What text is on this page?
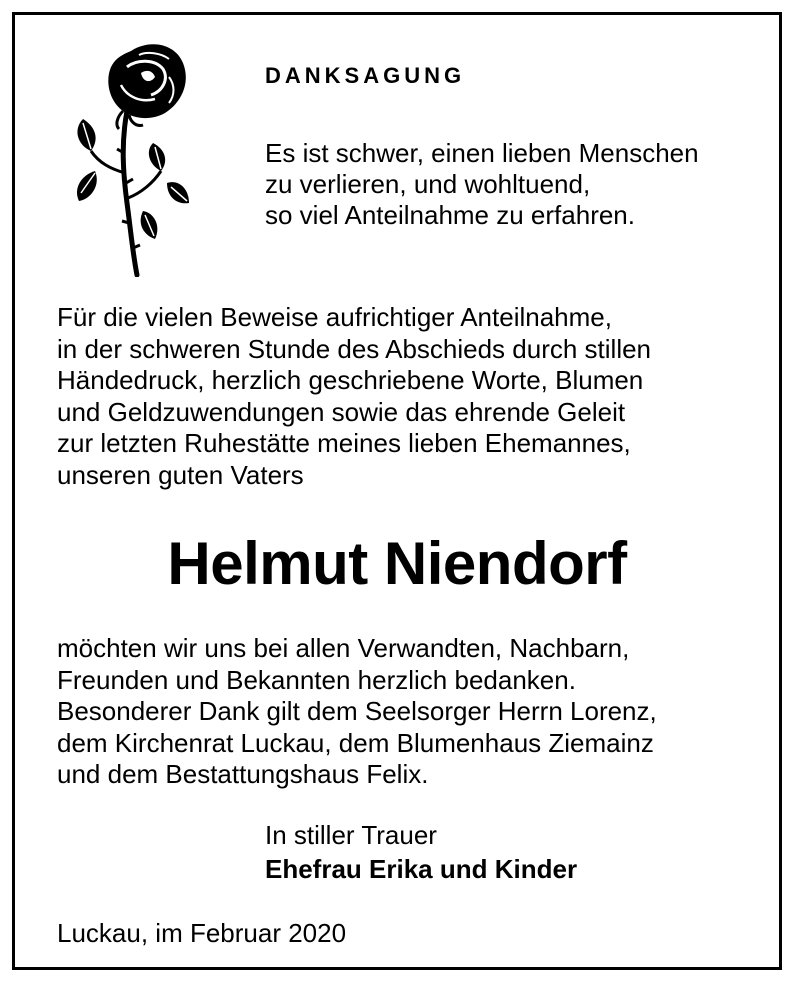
DANKSAGUNG
Es ist schwer, einen lieben Menschen
zu verlieren, und wohltuend,
so viel Anteilnahme zu erfahren.
Für die vielen Beweise aufrichtiger Anteilnahme,
in der schweren Stunde des Abschieds durch stillen
Händedruck, herzlich geschriebene Worte, Blumen
und Geldzuwendungen sowie das ehrende Geleit
zur letzten Ruhestätte meines lieben Ehemannes,
unseren guten Vaters
Helmut Niendorf
möchten wir uns bei allen Verwandten, Nachbarn,
Freunden und Bekannten herzlich bedanken.
Besonderer Dank gilt dem Seelsorger Herrn Lorenz,
dem Kirchenrat Luckau, dem Blumenhaus Ziemainz
und dem Bestattungshaus Felix.
In stiller Trauer
Ehefrau Erika und Kinder
Luckau, im Februar 2020
